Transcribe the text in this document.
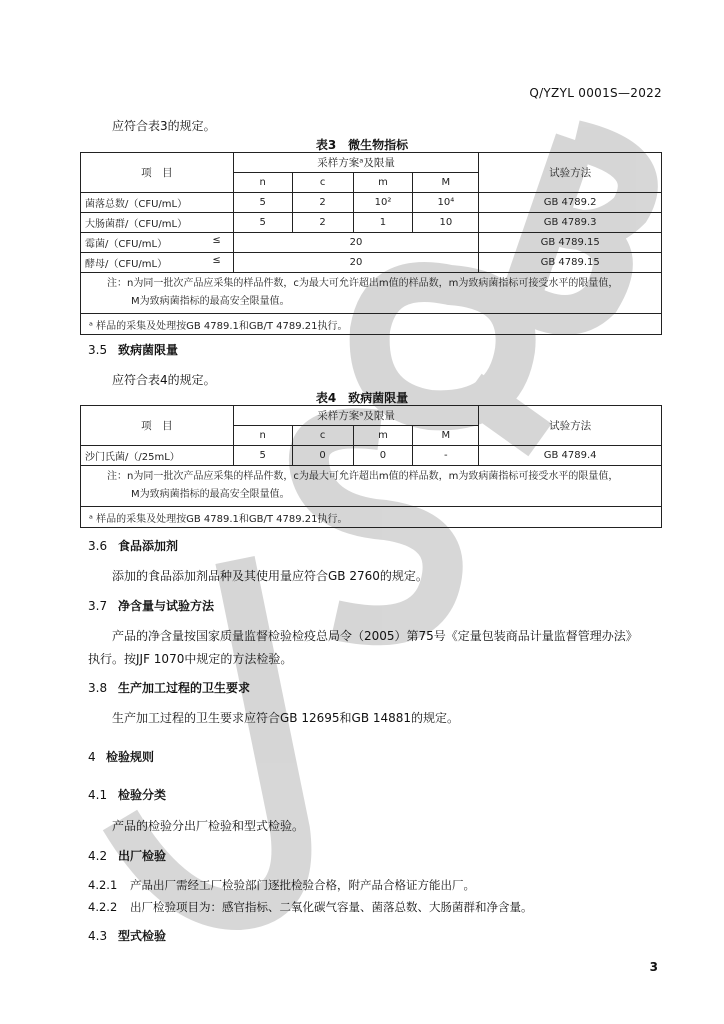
Q/YZYL 0001S—2022
应符合表3的规定。
表3　微生物指标
项　目	采样方案ᵃ及限量				试验方法
	n	c	m	M	
菌落总数/（CFU/mL）	5	2	10²	10⁴	GB 4789.2
大肠菌群/（CFU/mL）	5	2	1	10	GB 4789.3
霉菌/（CFU/mL） ≤	20				GB 4789.15
酵母/（CFU/mL） ≤	20				GB 4789.15

注：n为同一批次产品应采集的样品件数，c为最大可允许超出m值的样品数，m为致病菌指标可接受水平的限量值，
M为致病菌指标的最高安全限量值。					

ᵃ 样品的采集及处理按GB 4789.1和GB/T 4789.21执行。					
3.5 致病菌限量
应符合表4的规定。
表4　致病菌限量
项　目	采样方案ᵃ及限量				试验方法
	n	c	m	M	
沙门氏菌/（/25mL）	5	0	0	-	GB 4789.4

注：n为同一批次产品应采集的样品件数，c为最大可允许超出m值的样品数，m为致病菌指标可接受水平的限量值，
M为致病菌指标的最高安全限量值。					

ᵃ 样品的采集及处理按GB 4789.1和GB/T 4789.21执行。					
3.6 食品添加剂
添加的食品添加剂品种及其使用量应符合GB 2760的规定。
3.7 净含量与试验方法
产品的净含量按国家质量监督检验检疫总局令（2005）第75号《定量包装商品计量监督管理办法》
执行。按JJF 1070中规定的方法检验。
3.8 生产加工过程的卫生要求
生产加工过程的卫生要求应符合GB 12695和GB 14881的规定。
4 检验规则
4.1 检验分类
产品的检验分出厂检验和型式检验。
4.2 出厂检验
4.2.1 产品出厂需经工厂检验部门逐批检验合格，附产品合格证方能出厂。
4.2.2 出厂检验项目为：感官指标、二氧化碳气容量、菌落总数、大肠菌群和净含量。
4.3 型式检验
3
